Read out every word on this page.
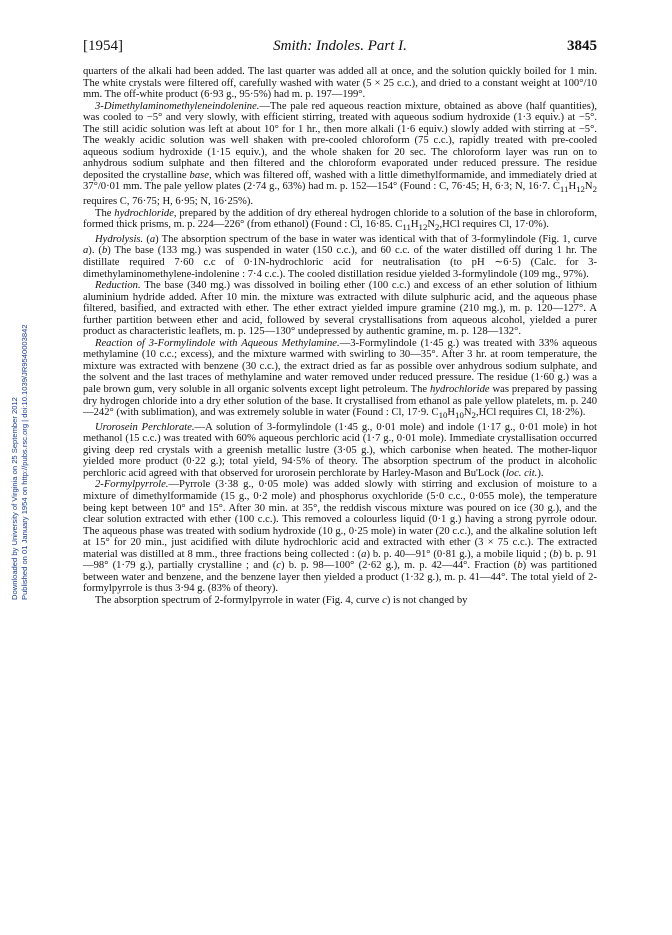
[1954]	Smith: Indoles. Part I.	3845
Downloaded by University of Virginia on 25 September 2012 Published on 01 January 1954 on http://pubs.rsc.org | doi:10.1039/JR9540003842

quarters of the alkali had been added. The last quarter was added all at once, and the solution quickly boiled for 1 min. The white crystals were filtered off, carefully washed with water (5 × 25 c.c.), and dried to a constant weight at 100°/10 mm. The off-white product (6·93 g., 95·5%) had m. p. 197—199°.

3-Dimethylaminomethyleneindolenine.—The pale red aqueous reaction mixture, obtained as above (half quantities), was cooled to −5° and very slowly, with efficient stirring, treated with aqueous sodium hydroxide (1·3 equiv.) at −5°. The still acidic solution was left at about 10° for 1 hr., then more alkali (1·6 equiv.) slowly added with stirring at −5°. The weakly acidic solution was well shaken with pre-cooled chloroform (75 c.c.), rapidly treated with pre-cooled aqueous sodium hydroxide (1·15 equiv.), and the whole shaken for 20 sec. The chloroform layer was run on to anhydrous sodium sulphate and then filtered and the chloroform evaporated under reduced pressure. The residue deposited the crystalline base, which was filtered off, washed with a little dimethylformamide, and immediately dried at 37°/0·01 mm. The pale yellow plates (2·74 g., 63%) had m. p. 152—154° (Found : C, 76·45; H, 6·3; N, 16·7. $C_{11}H_{12}N_2$ requires C, 76·75; H, 6·95; N, 16·25%).

The hydrochloride, prepared by the addition of dry ethereal hydrogen chloride to a solution of the base in chloroform, formed thick prisms, m. p. 224—226° (from ethanol) (Found : Cl, 16·85. $C_{11}H_{12}N_2,HCl$ requires Cl, 17·0%).

Hydrolysis. (a) The absorption spectrum of the base in water was identical with that of 3-formylindole (Fig. 1, curve a). (b) The base (133 mg.) was suspended in water (150 c.c.), and 60 c.c. of the water distilled off during 1 hr. The distillate required 7·60 c.c of 0·1N-hydrochloric acid for neutralisation (to pH ∼6·5) (Calc. for 3-dimethylaminomethylene-indolenine : 7·4 c.c.). The cooled distillation residue yielded 3-formylindole (109 mg., 97%).

Reduction. The base (340 mg.) was dissolved in boiling ether (100 c.c.) and excess of an ether solution of lithium aluminium hydride added. After 10 min. the mixture was extracted with dilute sulphuric acid, and the aqueous phase filtered, basified, and extracted with ether. The ether extract yielded impure gramine (210 mg.), m. p. 120—127°. A further partition between ether and acid, followed by several crystallisations from aqueous alcohol, yielded a purer product as characteristic leaflets, m. p. 125—130° undepressed by authentic gramine, m. p. 128—132°.

Reaction of 3-Formylindole with Aqueous Methylamine.—3-Formylindole (1·45 g.) was treated with 33% aqueous methylamine (10 c.c.; excess), and the mixture warmed with swirling to 30—35°. After 3 hr. at room temperature, the mixture was extracted with benzene (30 c.c.), the extract dried as far as possible over anhydrous sodium sulphate, and the solvent and the last traces of methylamine and water removed under reduced pressure. The residue (1·60 g.) was a pale brown gum, very soluble in all organic solvents except light petroleum. The hydrochloride was prepared by passing dry hydrogen chloride into a dry ether solution of the base. It crystallised from ethanol as pale yellow platelets, m. p. 240—242° (with sublimation), and was extremely soluble in water (Found : Cl, 17·9. $C_{10}H_{10}N_2,HCl$ requires Cl, 18·2%).

Urorosein Perchlorate.—A solution of 3-formylindole (1·45 g., 0·01 mole) and indole (1·17 g., 0·01 mole) in hot methanol (15 c.c.) was treated with 60% aqueous perchloric acid (1·7 g., 0·01 mole). Immediate crystallisation occurred giving deep red crystals with a greenish metallic lustre (3·05 g.), which carbonise when heated. The mother-liquor yielded more product (0·22 g.); total yield, 94·5% of theory. The absorption spectrum of the product in alcoholic perchloric acid agreed with that observed for urorosein perchlorate by Harley-Mason and Bu'Lock (loc. cit.).

2-Formylpyrrole.—Pyrrole (3·38 g., 0·05 mole) was added slowly with stirring and exclusion of moisture to a mixture of dimethylformamide (15 g., 0·2 mole) and phosphorus oxychloride (5·0 c.c., 0·055 mole), the temperature being kept between 10° and 15°. After 30 min. at 35°, the reddish viscous mixture was poured on ice (30 g.), and the clear solution extracted with ether (100 c.c.). This removed a colourless liquid (0·1 g.) having a strong pyrrole odour. The aqueous phase was treated with sodium hydroxide (10 g., 0·25 mole) in water (20 c.c.), and the alkaline solution left at 15° for 20 min., just acidified with dilute hydrochloric acid and extracted with ether (3 × 75 c.c.). The extracted material was distilled at 8 mm., three fractions being collected : (a) b. p. 40—91° (0·81 g.), a mobile liquid ; (b) b. p. 91—98° (1·79 g.), partially crystalline ; and (c) b. p. 98—100° (2·62 g.), m. p. 42—44°. Fraction (b) was partitioned between water and benzene, and the benzene layer then yielded a product (1·32 g.), m. p. 41—44°. The total yield of 2-formylpyrrole is thus 3·94 g. (83% of theory).

The absorption spectrum of 2-formylpyrrole in water (Fig. 4, curve c) is not changed by
